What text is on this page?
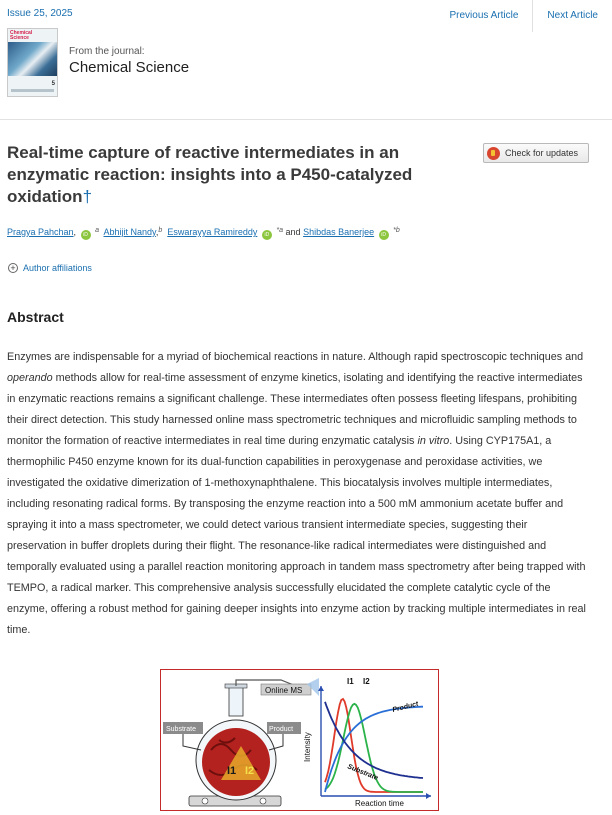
Issue 25, 2025	Previous Article	Next Article
Chemical Science
5
From the journal:
Chemical Science
Real-time capture of reactive intermediates in an enzymatic reaction: insights into a P450-catalyzed oxidation†
Check for updates
Pragya Pahchan, iD $^a$ Abhijit Nandy,$^b$ Eswarayya Ramireddy iD $^{*a}$ and Shibdas Banerjee iD $^{*b}$
+ Author affiliations
Abstract

Enzymes are indispensable for a myriad of biochemical reactions in nature. Although rapid spectroscopic techniques and operando methods allow for real-time assessment of enzyme kinetics, isolating and identifying the reactive intermediates in enzymatic reactions remains a significant challenge. These intermediates often possess fleeting lifespans, prohibiting their direct detection. This study harnessed online mass spectrometric techniques and microfluidic sampling methods to monitor the formation of reactive intermediates in real time during enzymatic catalysis in vitro. Using CYP175A1, a thermophilic P450 enzyme known for its dual-function capabilities in peroxygenase and peroxidase activities, we investigated the oxidative dimerization of 1-methoxynaphthalene. This biocatalysis involves multiple intermediates, including resonating radical forms. By transposing the enzyme reaction into a 500 mM ammonium acetate buffer and spraying it into a mass spectrometer, we could detect various transient intermediate species, suggesting their preservation in buffer droplets during their flight. The resonance-like radical intermediates were distinguished and temporally evaluated using a parallel reaction monitoring approach in tandem mass spectrometry after being trapped with TEMPO, a radical marker. This comprehensive analysis successfully elucidated the complete catalytic cycle of the enzyme, offering a robust method for gaining deeper insights into enzyme action by tracking multiple intermediates in real time.

I1 I2
Online MS
Substrate	Product
Intensity
Reaction time
I1 I2
Product
Substrate
